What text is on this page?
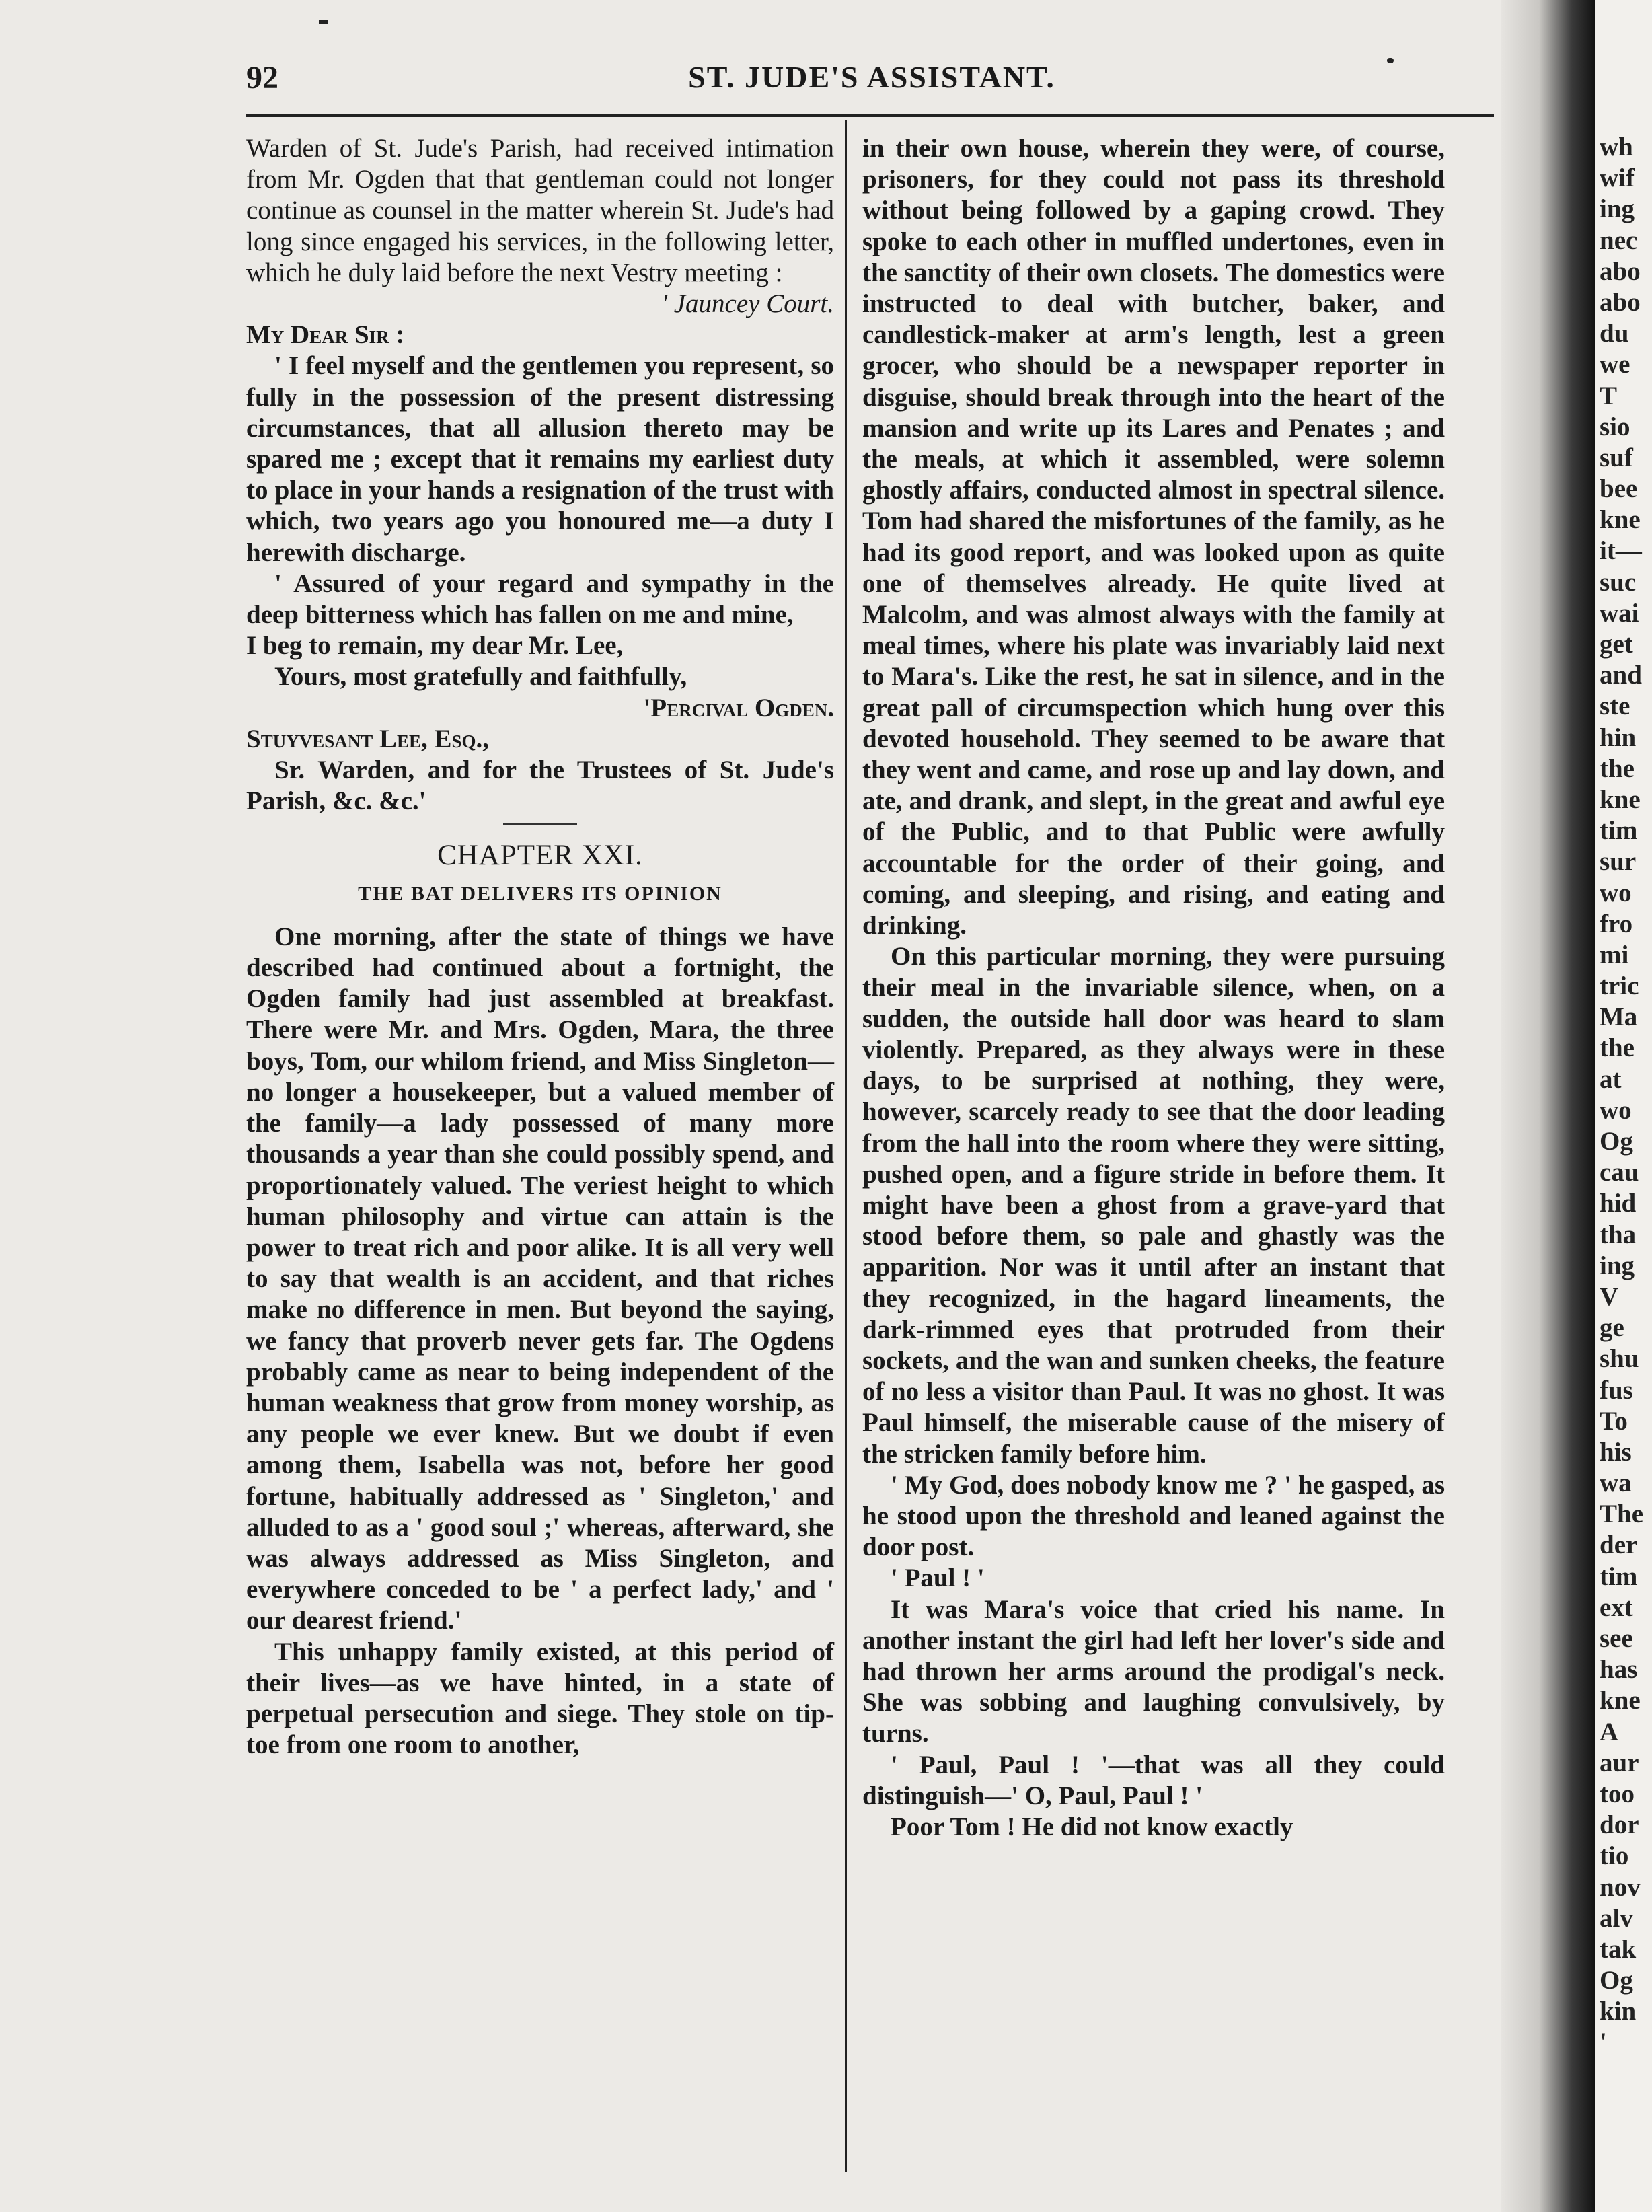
92	ST. JUDE'S ASSISTANT.

Warden of St. Jude's Parish, had received intimation from Mr. Ogden that that gentleman could not longer continue as counsel in the matter wherein St. Jude's had long since engaged his services, in the following letter, which he duly laid before the next Vestry meeting :

' Jauncey Court.

My Dear Sir :

' I feel myself and the gentlemen you represent, so fully in the possession of the present distressing circumstances, that all allusion thereto may be spared me ; except that it remains my earliest duty to place in your hands a resignation of the trust with which, two years ago you honoured me—a duty I herewith discharge.

' Assured of your regard and sympathy in the deep bitterness which has fallen on me and mine,

I beg to remain, my dear Mr. Lee,

Yours, most gratefully and faithfully,

'Percival Ogden.

Stuyvesant Lee, Esq.,

Sr. Warden, and for the Trustees of St. Jude's Parish, &c. &c.'

CHAPTER XXI.

THE BAT DELIVERS ITS OPINION

One morning, after the state of things we have described had continued about a fortnight, the Ogden family had just assembled at breakfast. There were Mr. and Mrs. Ogden, Mara, the three boys, Tom, our whilom friend, and Miss Singleton—no longer a housekeeper, but a valued member of the family—a lady possessed of many more thousands a year than she could possibly spend, and proportionately valued. The veriest height to which human philosophy and virtue can attain is the power to treat rich and poor alike. It is all very well to say that wealth is an accident, and that riches make no difference in men. But beyond the saying, we fancy that proverb never gets far. The Ogdens probably came as near to being independent of the human weakness that grow from money worship, as any people we ever knew. But we doubt if even among them, Isabella was not, before her good fortune, habitually addressed as ' Singleton,' and alluded to as a ' good soul ;' whereas, afterward, she was always addressed as Miss Singleton, and everywhere conceded to be ' a perfect lady,' and ' our dearest friend.'

This unhappy family existed, at this period of their lives—as we have hinted, in a state of perpetual persecution and siege. They stole on tip-toe from one room to another,

in their own house, wherein they were, of course, prisoners, for they could not pass its threshold without being followed by a gaping crowd. They spoke to each other in muffled undertones, even in the sanctity of their own closets. The domestics were instructed to deal with butcher, baker, and candlestick-maker at arm's length, lest a green grocer, who should be a newspaper reporter in disguise, should break through into the heart of the mansion and write up its Lares and Penates ; and the meals, at which it assembled, were solemn ghostly affairs, conducted almost in spectral silence. Tom had shared the misfortunes of the family, as he had its good report, and was looked upon as quite one of themselves already. He quite lived at Malcolm, and was almost always with the family at meal times, where his plate was invariably laid next to Mara's. Like the rest, he sat in silence, and in the great pall of circumspection which hung over this devoted household. They seemed to be aware that they went and came, and rose up and lay down, and ate, and drank, and slept, in the great and awful eye of the Public, and to that Public were awfully accountable for the order of their going, and coming, and sleeping, and rising, and eating and drinking.

On this particular morning, they were pursuing their meal in the invariable silence, when, on a sudden, the outside hall door was heard to slam violently. Prepared, as they always were in these days, to be surprised at nothing, they were, however, scarcely ready to see that the door leading from the hall into the room where they were sitting, pushed open, and a figure stride in before them. It might have been a ghost from a grave-yard that stood before them, so pale and ghastly was the apparition. Nor was it until after an instant that they recognized, in the hagard lineaments, the dark-rimmed eyes that protruded from their sockets, and the wan and sunken cheeks, the feature of no less a visitor than Paul. It was no ghost. It was Paul himself, the miserable cause of the misery of the stricken family before him.

' My God, does nobody know me ? ' he gasped, as he stood upon the threshold and leaned against the door post.

' Paul ! '

It was Mara's voice that cried his name. In another instant the girl had left her lover's side and had thrown her arms around the prodigal's neck. She was sobbing and laughing convulsively, by turns.

' Paul, Paul ! '—that was all they could distinguish—' O, Paul, Paul ! '

Poor Tom ! He did not know exactly

wh
wif
ing
nec
abo
abo
du
we
T
sio
suf
bee
kne
it—
suc
wai
get
and
ste
hin
the
kne
tim
sur
wo
fro
mi
tric
Ma
the
at
wo
Og
cau
hid
tha
ing
V
ge
shu
fus
To
his
wa
The
der
tim
ext
see
has
kne
A
aur
too
dor
tio
nov
alv
tak
Og
kin
'
